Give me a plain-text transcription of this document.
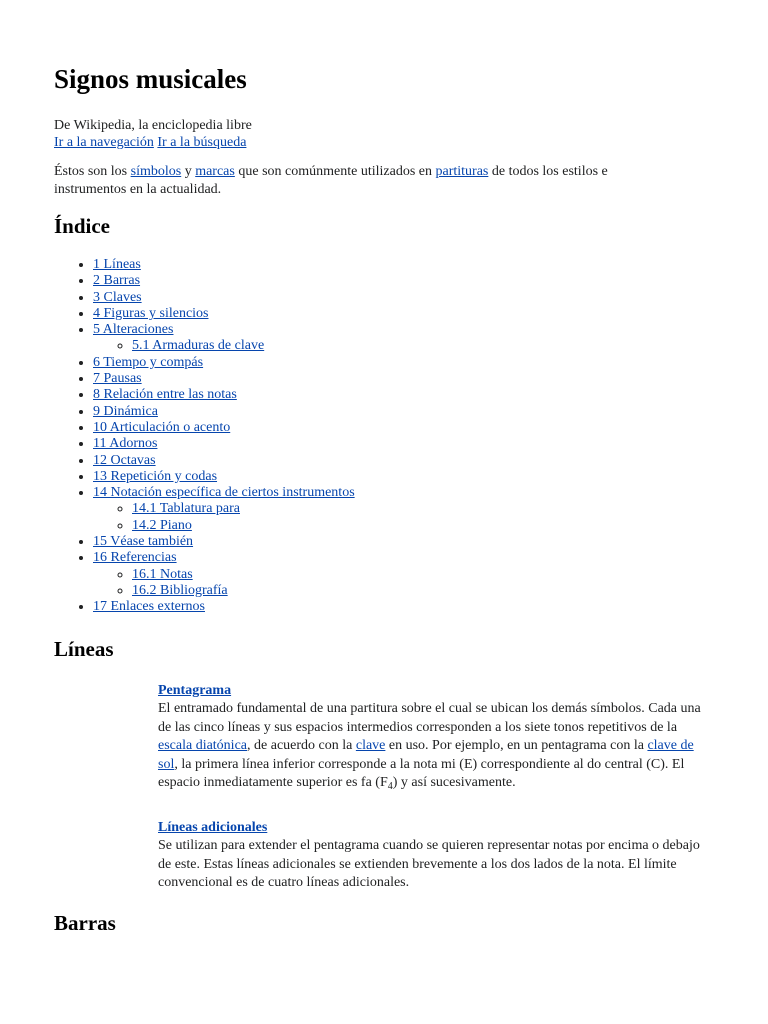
Signos musicales
De Wikipedia, la enciclopedia libre
Ir a la navegación Ir a la búsqueda

Éstos son los símbolos y marcas que son comúnmente utilizados en partituras de todos los estilos e instrumentos en la actualidad.

Índice
• 1 Líneas
• 2 Barras
• 3 Claves
• 4 Figuras y silencios
• 5 Alteraciones
◦ 5.1 Armaduras de clave
• 6 Tiempo y compás
• 7 Pausas
• 8 Relación entre las notas
• 9 Dinámica
• 10 Articulación o acento
• 11 Adornos
• 12 Octavas
• 13 Repetición y codas
• 14 Notación específica de ciertos instrumentos
◦ 14.1 Tablatura para
◦ 14.2 Piano
• 15 Véase también
• 16 Referencias
◦ 16.1 Notas
◦ 16.2 Bibliografía
• 17 Enlaces externos
Líneas
Pentagrama
El entramado fundamental de una partitura sobre el cual se ubican los demás símbolos. Cada una de las cinco líneas y sus espacios intermedios corresponden a los siete tonos repetitivos de la escala diatónica, de acuerdo con la clave en uso. Por ejemplo, en un pentagrama con la clave de sol, la primera línea inferior corresponde a la nota mi (E) correspondiente al do central (C). El espacio inmediatamente superior es fa $(F_4)$ y así sucesivamente.
Líneas adicionales
Se utilizan para extender el pentagrama cuando se quieren representar notas por encima o debajo de este. Estas líneas adicionales se extienden brevemente a los dos lados de la nota. El límite convencional es de cuatro líneas adicionales.
Barras
